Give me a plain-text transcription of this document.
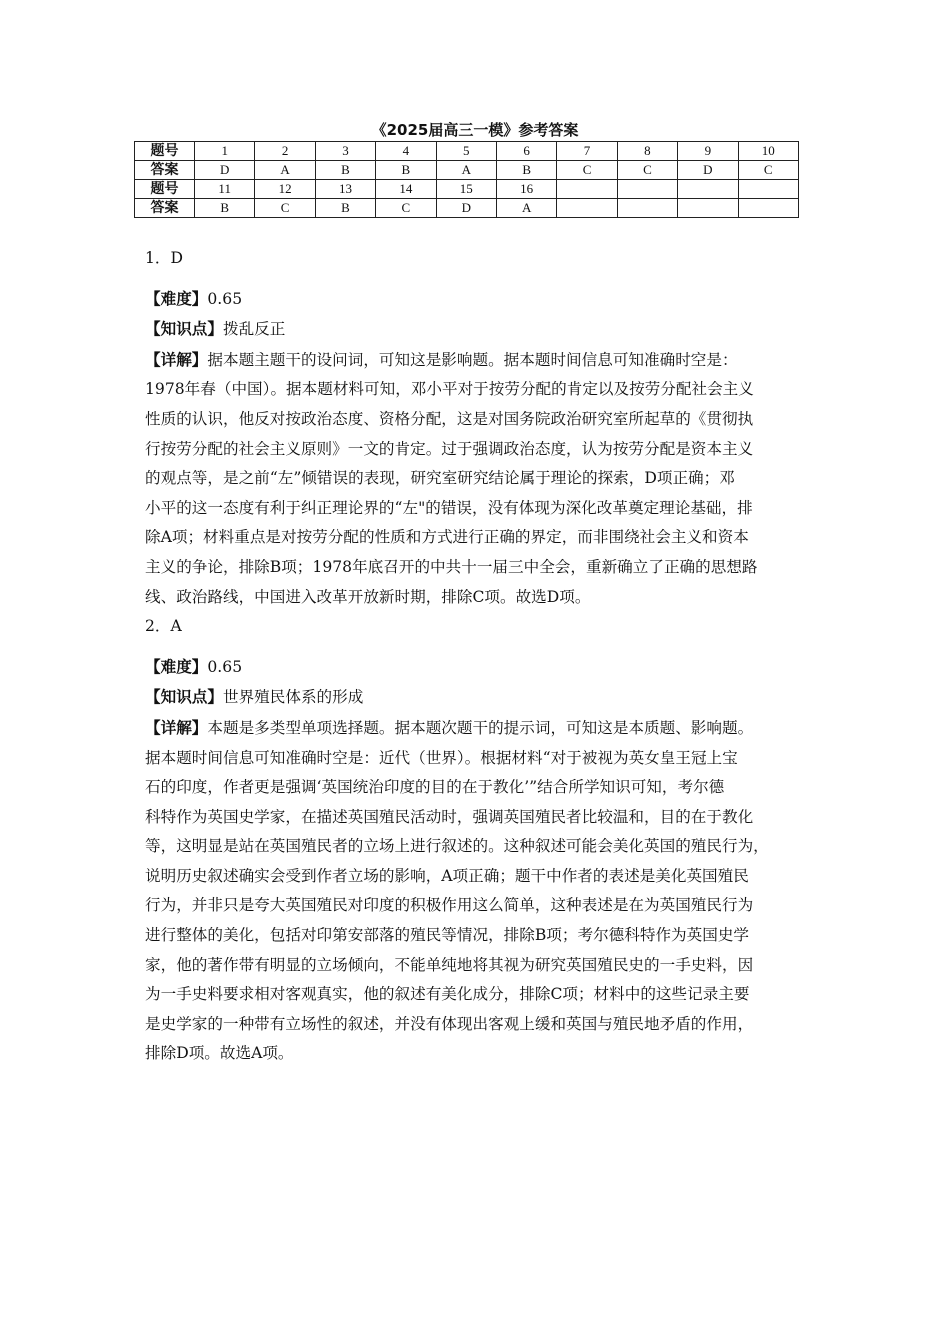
《2025届高三一模》参考答案
题号	1	2	3	4	5	6	7	8	9	10
答案	D	A	B	B	A	B	C	C	D	C
题号	11	12	13	14	15	16				
答案	B	C	B	C	D	A				

1．D

【难度】0.65

【知识点】拨乱反正

【详解】据本题主题干的设问词，可知这是影响题。据本题时间信息可知准确时空是：

1978年春（中国）。据本题材料可知，邓小平对于按劳分配的肯定以及按劳分配社会主义

性质的认识，他反对按政治态度、资格分配，这是对国务院政治研究室所起草的《贯彻执

行按劳分配的社会主义原则》一文的肯定。过于强调政治态度，认为按劳分配是资本主义

的观点等，是之前“左”倾错误的表现，研究室研究结论属于理论的探索，D项正确；邓

小平的这一态度有利于纠正理论界的“左"的错误，没有体现为深化改革奠定理论基础，排

除A项；材料重点是对按劳分配的性质和方式进行正确的界定，而非围绕社会主义和资本

主义的争论，排除B项；1978年底召开的中共十一届三中全会，重新确立了正确的思想路

线、政治路线，中国进入改革开放新时期，排除C项。故选D项。

2．A

【难度】0.65

【知识点】世界殖民体系的形成

【详解】本题是多类型单项选择题。据本题次题干的提示词，可知这是本质题、影响题。

据本题时间信息可知准确时空是：近代（世界）。根据材料“对于被视为英女皇王冠上宝

石的印度，作者更是强调‘英国统治印度的目的在于教化’”结合所学知识可知，考尔德

科特作为英国史学家，在描述英国殖民活动时，强调英国殖民者比较温和，目的在于教化

等，这明显是站在英国殖民者的立场上进行叙述的。这种叙述可能会美化英国的殖民行为，

说明历史叙述确实会受到作者立场的影响，A项正确；题干中作者的表述是美化英国殖民

行为，并非只是夸大英国殖民对印度的积极作用这么简单，这种表述是在为英国殖民行为

进行整体的美化，包括对印第安部落的殖民等情况，排除B项；考尔德科特作为英国史学

家，他的著作带有明显的立场倾向，不能单纯地将其视为研究英国殖民史的一手史料，因

为一手史料要求相对客观真实，他的叙述有美化成分，排除C项；材料中的这些记录主要

是史学家的一种带有立场性的叙述，并没有体现出客观上缓和英国与殖民地矛盾的作用，

排除D项。故选A项。
